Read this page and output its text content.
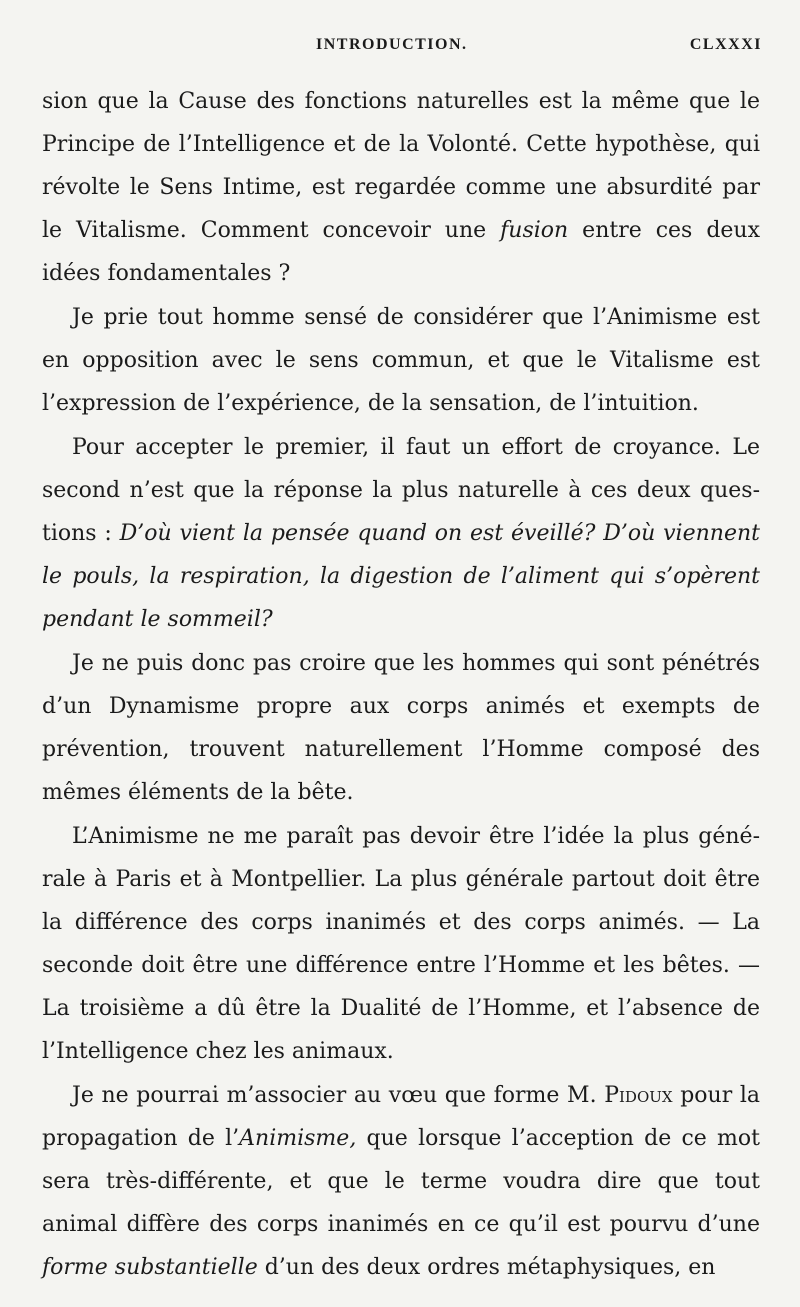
INTRODUCTION.	CLXXXI

sion que la Cause des fonctions naturelles est la même que le Principe de l’Intelligence et de la Volonté. Cette hypothèse, qui révolte le Sens Intime, est regardée comme une absurdité par le Vitalisme. Comment concevoir une fusion entre ces deux idées fondamentales ?

Je prie tout homme sensé de considérer que l’Animisme est en opposition avec le sens commun, et que le Vitalisme est l’expression de l’expérience, de la sensation, de l’intuition.

Pour accepter le premier, il faut un effort de croyance. Le second n’est que la réponse la plus naturelle à ces deux questions : D’où vient la pensée quand on est éveillé? D’où viennent le pouls, la respiration, la digestion de l’aliment qui s’opèrent pendant le sommeil?

Je ne puis donc pas croire que les hommes qui sont pénétrés d’un Dynamisme propre aux corps animés et exempts de prévention, trouvent naturellement l’Homme composé des mêmes éléments de la bête.

L’Animisme ne me paraît pas devoir être l’idée la plus générale à Paris et à Montpellier. La plus générale partout doit être la différence des corps inanimés et des corps animés. — La seconde doit être une différence entre l’Homme et les bêtes. — La troisième a dû être la Dualité de l’Homme, et l’absence de l’Intelligence chez les animaux.

Je ne pourrai m’associer au vœu que forme M. Pidoux pour la propagation de l’Animisme, que lorsque l’acception de ce mot sera très-différente, et que le terme voudra dire que tout animal diffère des corps inanimés en ce qu’il est pourvu d’une forme substantielle d’un des deux ordres métaphysiques, en
